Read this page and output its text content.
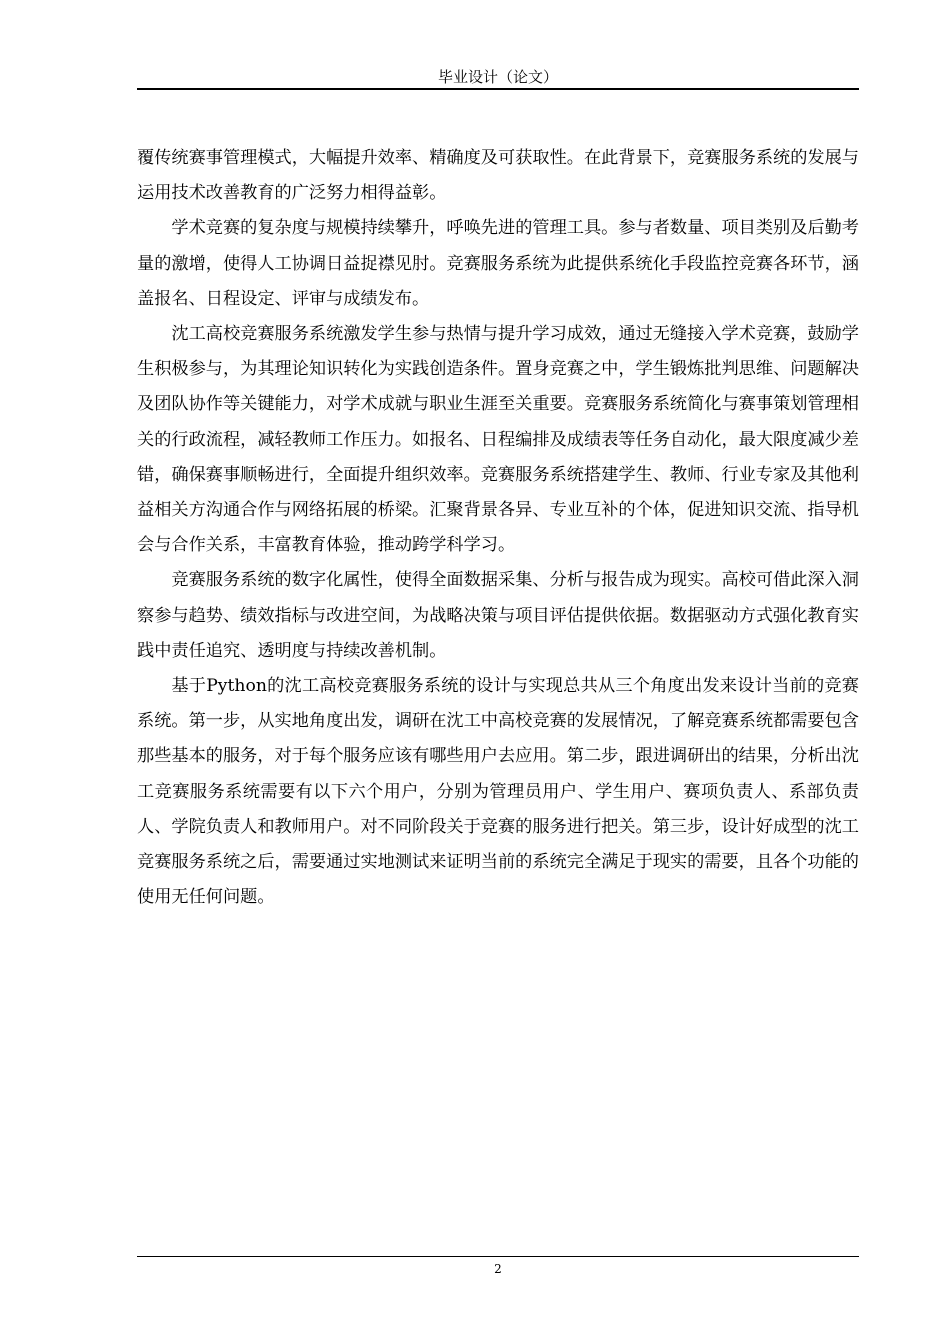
毕业设计（论文）

覆传统赛事管理模式，大幅提升效率、精确度及可获取性。在此背景下，竞赛服务系统的发展与运用技术改善教育的广泛努力相得益彰。

学术竞赛的复杂度与规模持续攀升，呼唤先进的管理工具。参与者数量、项目类别及后勤考量的激增，使得人工协调日益捉襟见肘。竞赛服务系统为此提供系统化手段监控竞赛各环节，涵盖报名、日程设定、评审与成绩发布。

沈工高校竞赛服务系统激发学生参与热情与提升学习成效，通过无缝接入学术竞赛，鼓励学生积极参与，为其理论知识转化为实践创造条件。置身竞赛之中，学生锻炼批判思维、问题解决及团队协作等关键能力，对学术成就与职业生涯至关重要。竞赛服务系统简化与赛事策划管理相关的行政流程，减轻教师工作压力。如报名、日程编排及成绩表等任务自动化，最大限度减少差错，确保赛事顺畅进行，全面提升组织效率。竞赛服务系统搭建学生、教师、行业专家及其他利益相关方沟通合作与网络拓展的桥梁。汇聚背景各异、专业互补的个体，促进知识交流、指导机会与合作关系，丰富教育体验，推动跨学科学习。

竞赛服务系统的数字化属性，使得全面数据采集、分析与报告成为现实。高校可借此深入洞察参与趋势、绩效指标与改进空间，为战略决策与项目评估提供依据。数据驱动方式强化教育实践中责任追究、透明度与持续改善机制。

基于Python的沈工高校竞赛服务系统的设计与实现总共从三个角度出发来设计当前的竞赛系统。第一步，从实地角度出发，调研在沈工中高校竞赛的发展情况，了解竞赛系统都需要包含那些基本的服务，对于每个服务应该有哪些用户去应用。第二步，跟进调研出的结果，分析出沈工竞赛服务系统需要有以下六个用户，分别为管理员用户、学生用户、赛项负责人、系部负责人、学院负责人和教师用户。对不同阶段关于竞赛的服务进行把关。第三步，设计好成型的沈工竞赛服务系统之后，需要通过实地测试来证明当前的系统完全满足于现实的需要，且各个功能的使用无任何问题。

2
